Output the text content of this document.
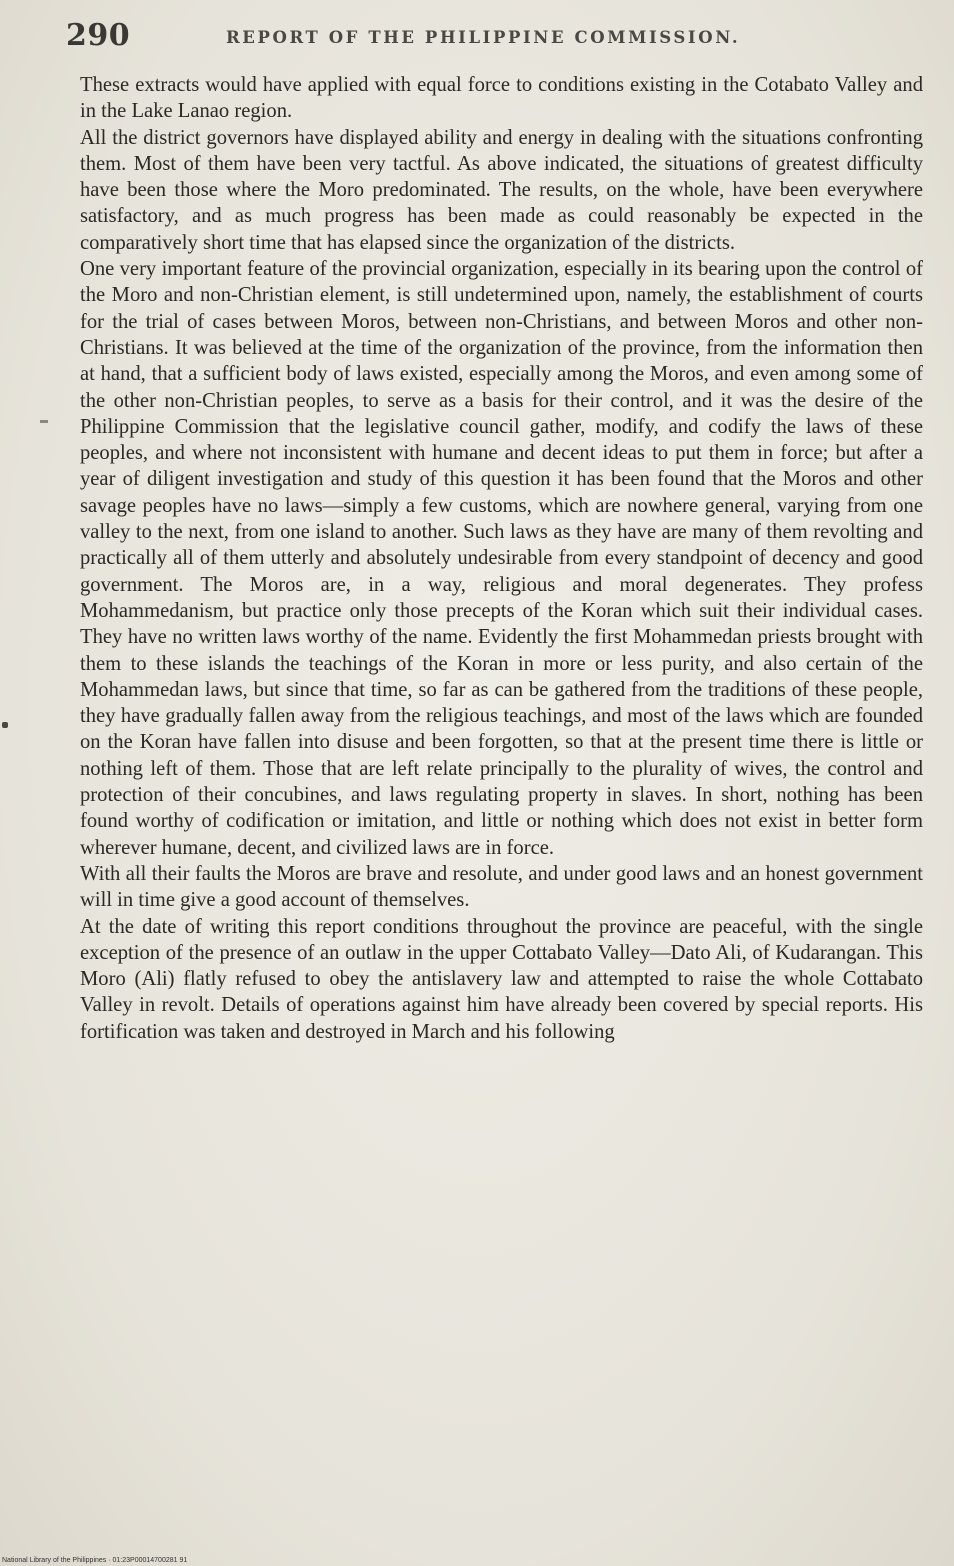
290	REPORT OF THE PHILIPPINE COMMISSION.

These extracts would have applied with equal force to conditions existing in the Cotabato Valley and in the Lake Lanao region.

All the district governors have displayed ability and energy in dealing with the situations confronting them. Most of them have been very tactful. As above indicated, the situations of greatest difficulty have been those where the Moro predominated. The results, on the whole, have been everywhere satisfactory, and as much progress has been made as could reasonably be expected in the comparatively short time that has elapsed since the organization of the districts.

One very important feature of the provincial organization, especially in its bearing upon the control of the Moro and non-Christian element, is still undetermined upon, namely, the establishment of courts for the trial of cases between Moros, between non-Christians, and between Moros and other non-Christians. It was believed at the time of the organization of the province, from the information then at hand, that a sufficient body of laws existed, especially among the Moros, and even among some of the other non-Christian peoples, to serve as a basis for their control, and it was the desire of the Philippine Commission that the legislative council gather, modify, and codify the laws of these peoples, and where not inconsistent with humane and decent ideas to put them in force; but after a year of diligent investigation and study of this question it has been found that the Moros and other savage peoples have no laws—simply a few customs, which are nowhere general, varying from one valley to the next, from one island to another. Such laws as they have are many of them revolting and practically all of them utterly and absolutely undesirable from every standpoint of decency and good government. The Moros are, in a way, religious and moral degenerates. They profess Mohammedanism, but practice only those precepts of the Koran which suit their individual cases. They have no written laws worthy of the name. Evidently the first Mohammedan priests brought with them to these islands the teachings of the Koran in more or less purity, and also certain of the Mohammedan laws, but since that time, so far as can be gathered from the traditions of these people, they have gradually fallen away from the religious teachings, and most of the laws which are founded on the Koran have fallen into disuse and been forgotten, so that at the present time there is little or nothing left of them. Those that are left relate principally to the plurality of wives, the control and protection of their concubines, and laws regulating property in slaves. In short, nothing has been found worthy of codification or imitation, and little or nothing which does not exist in better form wherever humane, decent, and civilized laws are in force.

With all their faults the Moros are brave and resolute, and under good laws and an honest government will in time give a good account of themselves.

At the date of writing this report conditions throughout the province are peaceful, with the single exception of the presence of an outlaw in the upper Cottabato Valley—Dato Ali, of Kudarangan. This Moro (Ali) flatly refused to obey the antislavery law and attempted to raise the whole Cottabato Valley in revolt. Details of operations against him have already been covered by special reports. His fortification was taken and destroyed in March and his following

National Library of the Philippines · 01:23P00014700281 91
